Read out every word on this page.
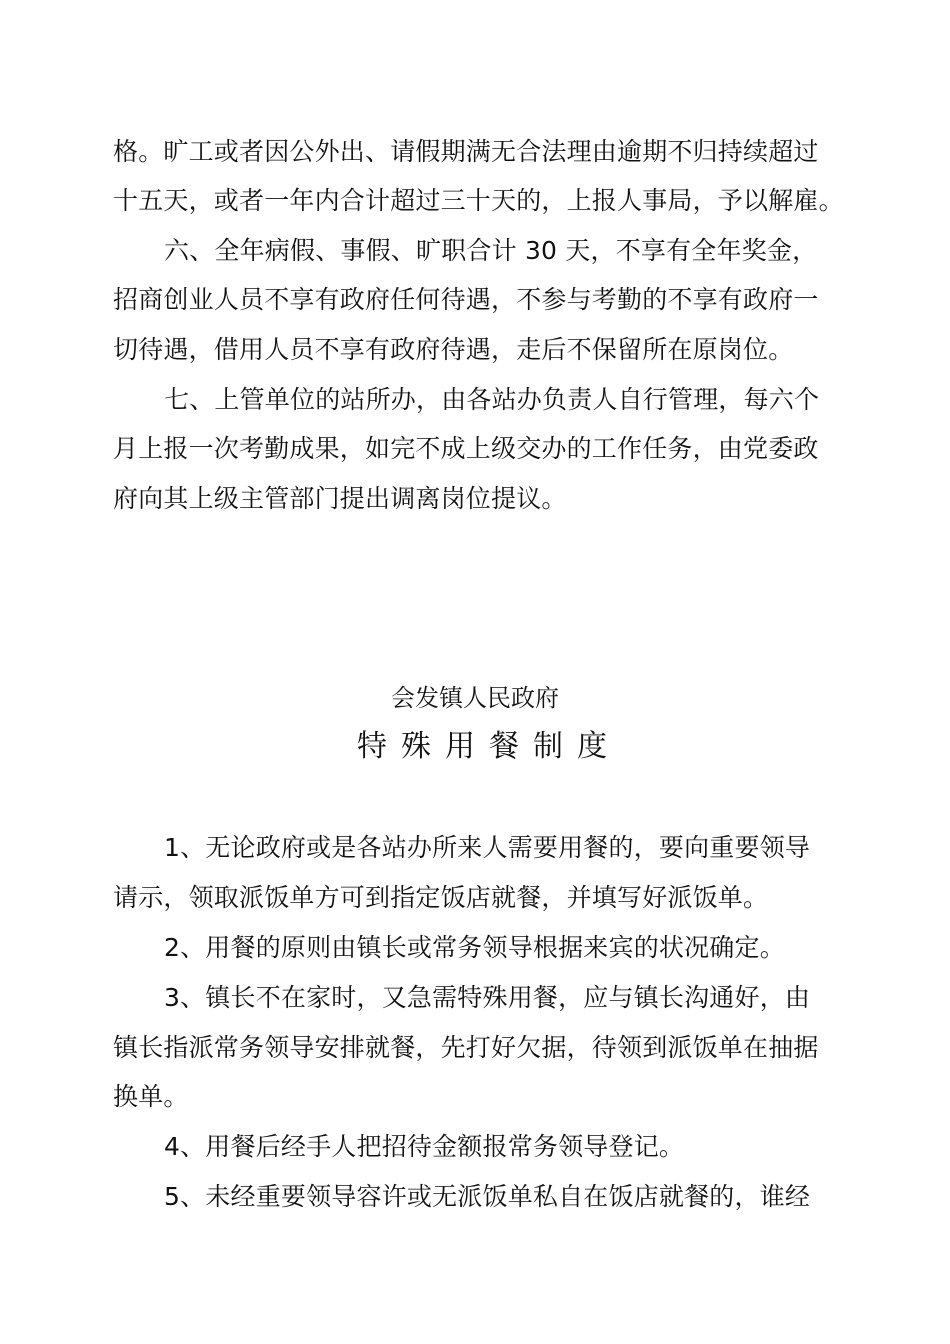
格。旷工或者因公外出、请假期满无合法理由逾期不归持续超过
十五天，或者一年内合计超过三十天的，上报人事局，予以解雇。
六、全年病假、事假、旷职合计 30 天，不享有全年奖金，
招商创业人员不享有政府任何待遇，不参与考勤的不享有政府一
切待遇，借用人员不享有政府待遇，走后不保留所在原岗位。
七、上管单位的站所办，由各站办负责人自行管理，每六个
月上报一次考勤成果，如完不成上级交办的工作任务，由党委政
府向其上级主管部门提出调离岗位提议。
会发镇人民政府
特殊用餐制度
1、无论政府或是各站办所来人需要用餐的，要向重要领导
请示，领取派饭单方可到指定饭店就餐，并填写好派饭单。
2、用餐的原则由镇长或常务领导根据来宾的状况确定。
3、镇长不在家时，又急需特殊用餐，应与镇长沟通好，由
镇长指派常务领导安排就餐，先打好欠据，待领到派饭单在抽据
换单。
4、用餐后经手人把招待金额报常务领导登记。
5、未经重要领导容许或无派饭单私自在饭店就餐的，谁经
